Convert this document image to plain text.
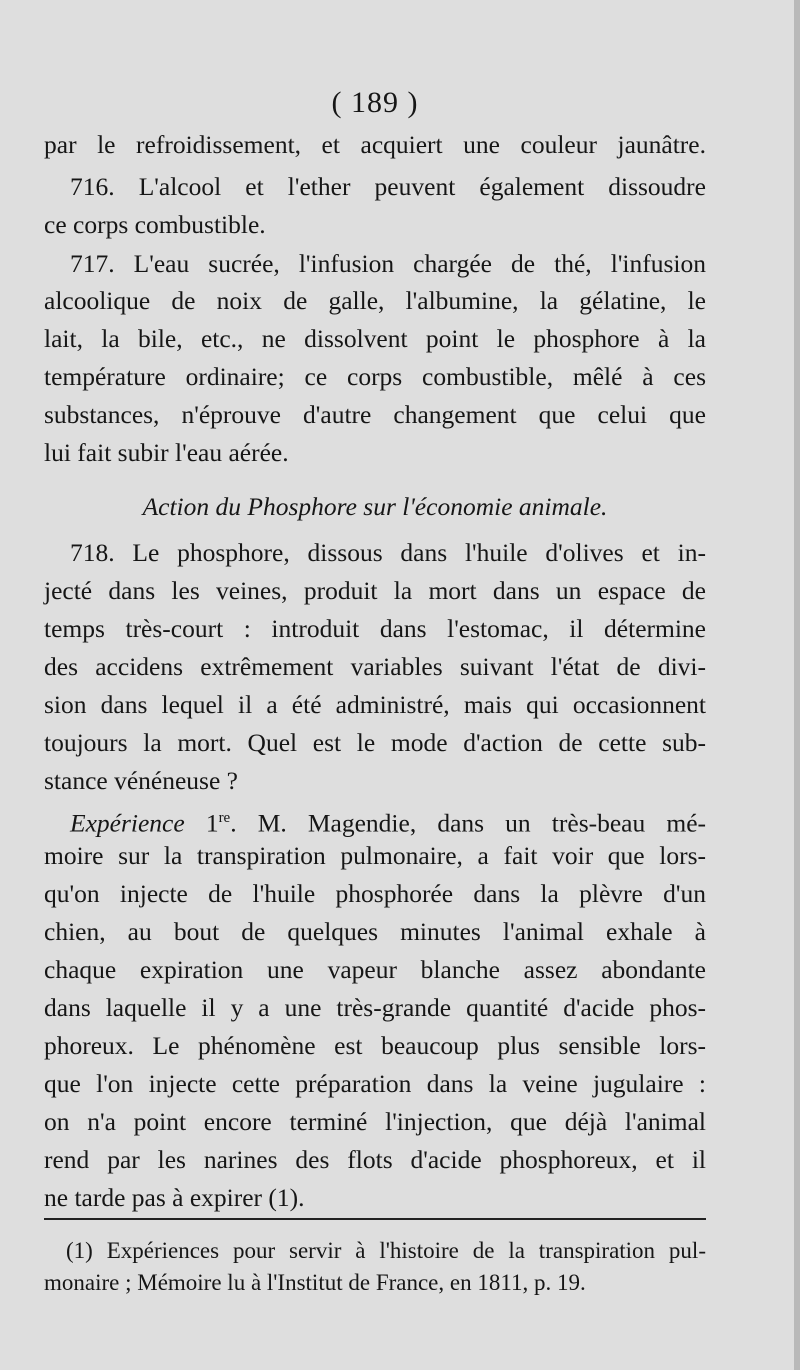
( 189 )

par le refroidissement, et acquiert une couleur jaunâtre.

716. L'alcool et l'ether peuvent également dissoudre

ce corps combustible.

717. L'eau sucrée, l'infusion chargée de thé, l'infusion

alcoolique de noix de galle, l'albumine, la gélatine, le

lait, la bile, etc., ne dissolvent point le phosphore à la

température ordinaire; ce corps combustible, mêlé à ces

substances, n'éprouve d'autre changement que celui que

lui fait subir l'eau aérée.

Action du Phosphore sur l'économie animale.

718. Le phosphore, dissous dans l'huile d'olives et in-

jecté dans les veines, produit la mort dans un espace de

temps très-court : introduit dans l'estomac, il détermine

des accidens extrêmement variables suivant l'état de divi-

sion dans lequel il a été administré, mais qui occasionnent

toujours la mort. Quel est le mode d'action de cette sub-

stance vénéneuse ?

Expérience 1re. M. Magendie, dans un très-beau mé-

moire sur la transpiration pulmonaire, a fait voir que lors-

qu'on injecte de l'huile phosphorée dans la plèvre d'un

chien, au bout de quelques minutes l'animal exhale à

chaque expiration une vapeur blanche assez abondante

dans laquelle il y a une très-grande quantité d'acide phos-

phoreux. Le phénomène est beaucoup plus sensible lors-

que l'on injecte cette préparation dans la veine jugulaire :

on n'a point encore terminé l'injection, que déjà l'animal

rend par les narines des flots d'acide phosphoreux, et il

ne tarde pas à expirer (1).

(1) Expériences pour servir à l'histoire de la transpiration pul-

monaire ; Mémoire lu à l'Institut de France, en 1811, p. 19.
